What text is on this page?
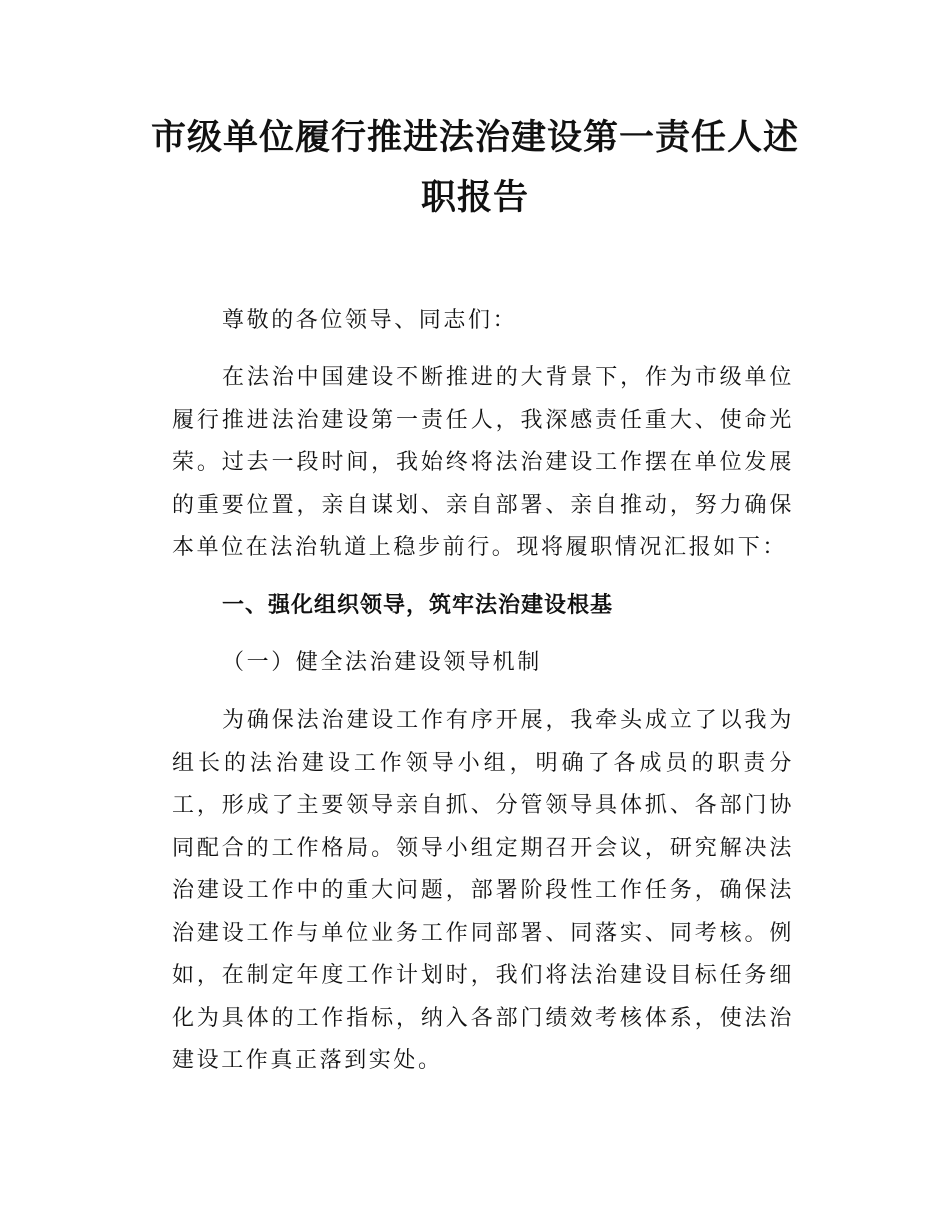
市级单位履行推进法治建设第一责任人述职报告

尊敬的各位领导、同志们：

在法治中国建设不断推进的大背景下，作为市级单位履行推进法治建设第一责任人，我深感责任重大、使命光荣。过去一段时间，我始终将法治建设工作摆在单位发展的重要位置，亲自谋划、亲自部署、亲自推动，努力确保本单位在法治轨道上稳步前行。现将履职情况汇报如下：

一、强化组织领导，筑牢法治建设根基

（一）健全法治建设领导机制

为确保法治建设工作有序开展，我牵头成立了以我为组长的法治建设工作领导小组，明确了各成员的职责分工，形成了主要领导亲自抓、分管领导具体抓、各部门协同配合的工作格局。领导小组定期召开会议，研究解决法治建设工作中的重大问题，部署阶段性工作任务，确保法治建设工作与单位业务工作同部署、同落实、同考核。例如，在制定年度工作计划时，我们将法治建设目标任务细化为具体的工作指标，纳入各部门绩效考核体系，使法治建设工作真正落到实处。
